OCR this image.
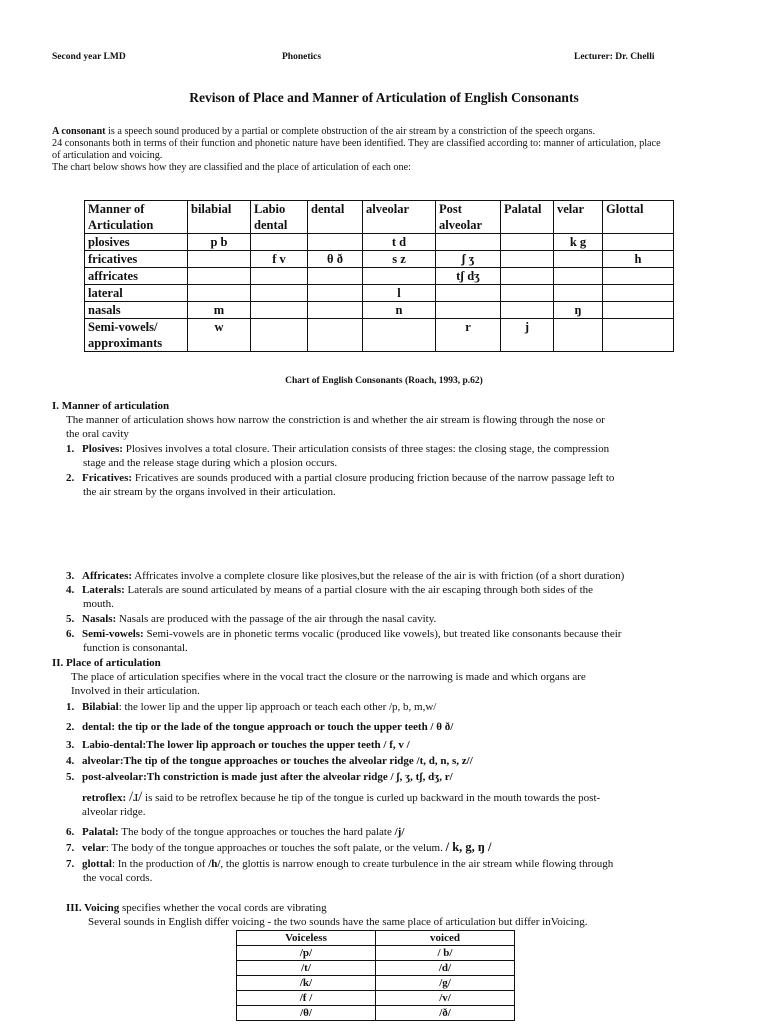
Second year LMD	Phonetics	Lecturer: Dr. Chelli
Revison of Place and Manner of Articulation of English Consonants
A consonant is a speech sound produced by a partial or complete obstruction of the air stream by a constriction of the speech organs.
24 consonants both in terms of their function and phonetic nature have been identified. They are classified according to: manner of articulation, place
of articulation and voicing.
The chart below shows how they are classified and the place of articulation of each one:
Manner of Articulation	bilabial	Labio dental	dental	alveolar	Post alveolar	Palatal	velar	Glottal
plosives	p b			t d			k g	
fricatives		f v	θ ð	s z	ʃ ʒ			h
affricates					tʃ dʒ			
lateral				l				
nasals	m			n			ŋ	
Semi-vowels/ approximants	w				r	j		
Chart of English Consonants (Roach, 1993, p.62)
I. Manner of articulation
The manner of articulation shows how narrow the constriction is and whether the air stream is flowing through the nose or
the oral cavity
1. Plosives: Plosives involves a total closure. Their articulation consists of three stages: the closing stage, the compression
stage and the release stage during which a plosion occurs.
2. Fricatives: Fricatives are sounds produced with a partial closure producing friction because of the narrow passage left to
the air stream by the organs involved in their articulation.
3. Affricates: Affricates involve a complete closure like plosives,but the release of the air is with friction (of a short duration)
4. Laterals: Laterals are sound articulated by means of a partial closure with the air escaping through both sides of the
mouth.
5. Nasals: Nasals are produced with the passage of the air through the nasal cavity.
6. Semi-vowels: Semi-vowels are in phonetic terms vocalic (produced like vowels), but treated like consonants because their
function is consonantal.
II. Place of articulation
The place of articulation specifies where in the vocal tract the closure or the narrowing is made and which organs are
Involved in their articulation.
1. Bilabial: the lower lip and the upper lip approach or teach each other /p, b, m,w/
2. dental: the tip or the lade of the tongue approach or touch the upper teeth / θ ð/
3. Labio-dental:The lower lip approach or touches the upper teeth / f, v /
4. alveolar:The tip of the tongue approaches or touches the alveolar ridge /t, d, n, s, z//
5. post-alveolar:Th constriction is made just after the alveolar ridge / ʃ, ʒ, tʃ, dʒ, r/
retroflex: /ɹ/ is said to be retroflex because he tip of the tongue is curled up backward in the mouth towards the post-
alveolar ridge.
6. Palatal: The body of the tongue approaches or touches the hard palate /j/
7. velar: The body of the tongue approaches or touches the soft palate, or the velum. / k, g, ŋ /
7. glottal: In the production of /h/, the glottis is narrow enough to create turbulence in the air stream while flowing through
the vocal cords.
III. Voicing specifies whether the vocal cords are vibrating
Several sounds in English differ voicing - the two sounds have the same place of articulation but differ inVoicing.
Voiceless	voiced
/p/	/ b/
/t/	/d/
/k/	/g/
/f /	/v/
/θ/	/ð/
